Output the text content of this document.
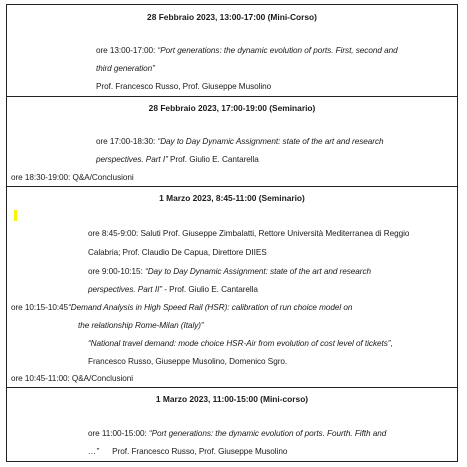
28 Febbraio 2023, 13:00-17:00 (Mini-Corso)
ore 13:00-17:00: “Port generations: the dynamic evolution of ports. First, second and
third generation”
Prof. Francesco Russo, Prof. Giuseppe Musolino
28 Febbraio 2023, 17:00-19:00 (Seminario)
ore 17:00-18:30: “Day to Day Dynamic Assignment: state of the art and research
perspectives. Part I” Prof. Giulio E. Cantarella
ore 18:30-19:00: Q&A/Conclusioni
1 Marzo 2023, 8:45-11:00 (Seminario)
ore 8:45-9:00: Saluti Prof. Giuseppe Zimbalatti, Rettore Università Mediterranea di Reggio
Calabria; Prof. Claudio De Capua, Direttore DIIES
ore 9:00-10:15: “Day to Day Dynamic Assignment: state of the art and research
perspectives. Part II” - Prof. Giulio E. Cantarella
ore 10:15-10:45“Demand Analysis in High Speed Rail (HSR): calibration of run choice model on
the relationship Rome-Milan (Italy)”
“National travel demand: mode choice HSR-Air from evolution of cost level of tickets”,
Francesco Russo, Giuseppe Musolino, Domenico Sgro.
ore 10:45-11:00: Q&A/Conclusioni
1 Marzo 2023, 11:00-15:00 (Mini-corso)
ore 11:00-15:00: “Port generations: the dynamic evolution of ports. Fourth. Fifth and
…”      Prof. Francesco Russo, Prof. Giuseppe Musolino
